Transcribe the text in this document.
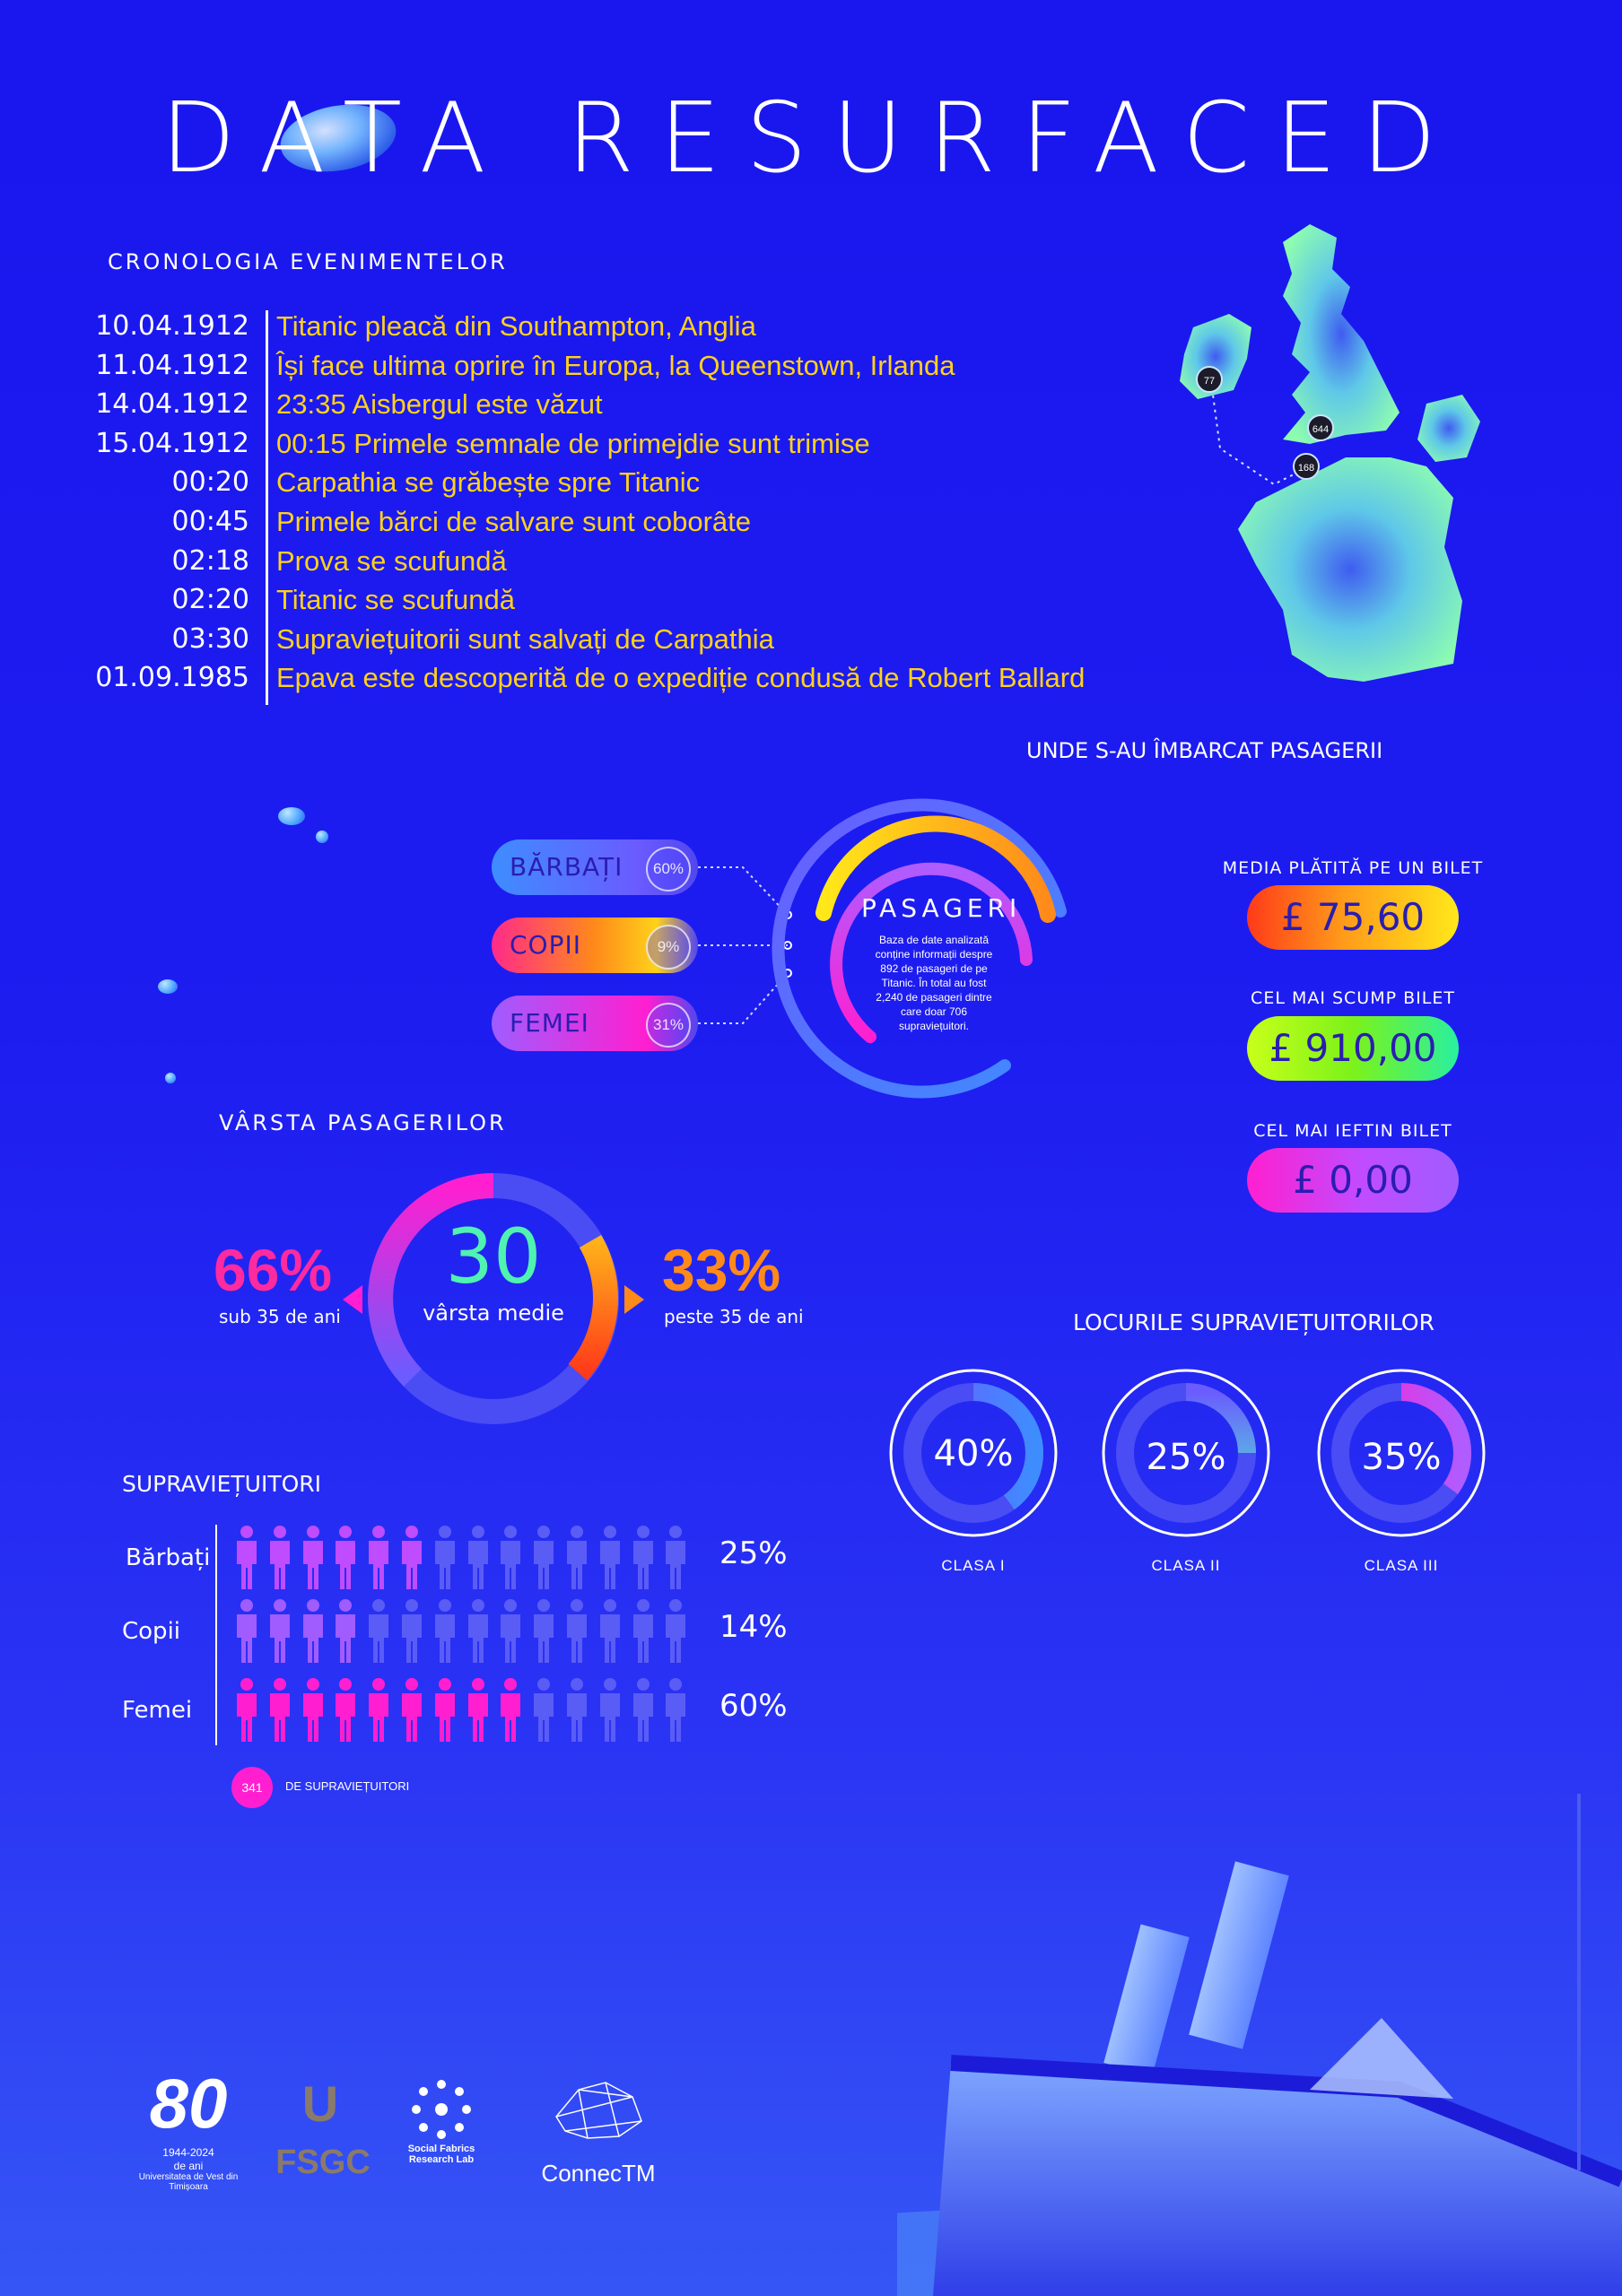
DATA RESURFACED
CRONOLOGIA EVENIMENTELOR
10.04.1912 Titanic pleacă din Southampton, Anglia
11.04.1912 Își face ultima oprire în Europa, la Queenstown, Irlanda
14.04.1912 23:35 Aisbergul este văzut
15.04.1912 00:15 Primele semnale de primejdie sunt trimise
00:20 Carpathia se grăbește spre Titanic
00:45 Primele bărci de salvare sunt coborâte
02:18 Prova se scufundă
02:20 Titanic se scufundă
03:30 Supraviețuitorii sunt salvați de Carpathia
01.09.1985 Epava este descoperită de o expediție condusă de Robert Ballard
77
644
168
UNDE S-AU ÎMBARCAT PASAGERII
BĂRBAȚI	60%
COPII	9%
FEMEI	31%
PASAGERI
Baza de date analizată conține informații despre 892 de pasageri de pe Titanic. În total au fost 2,240 de pasageri dintre care doar 706 supraviețuitori.
MEDIA PLĂTITĂ PE UN BILET
£ 75,60
CEL MAI SCUMP BILET
£ 910,00
CEL MAI IEFTIN BILET
£ 0,00
VÂRSTA PASAGERILOR
30
vârsta medie
66%
sub 35 de ani
33%
peste 35 de ani	LOCURILE SUPRAVIEȚUITORILOR
40%	25%	35%
CLASA I	CLASA II	CLASA III
SUPRAVIEȚUITORI
Bărbați	25%
Copii	14%
Femei	60%
341	DE SUPRAVIEȚUITORI
80
1944-2024
de ani
Universitatea de Vest din Timișoara
U
FSGC	Social Fabrics Research Lab	ConnecTM
